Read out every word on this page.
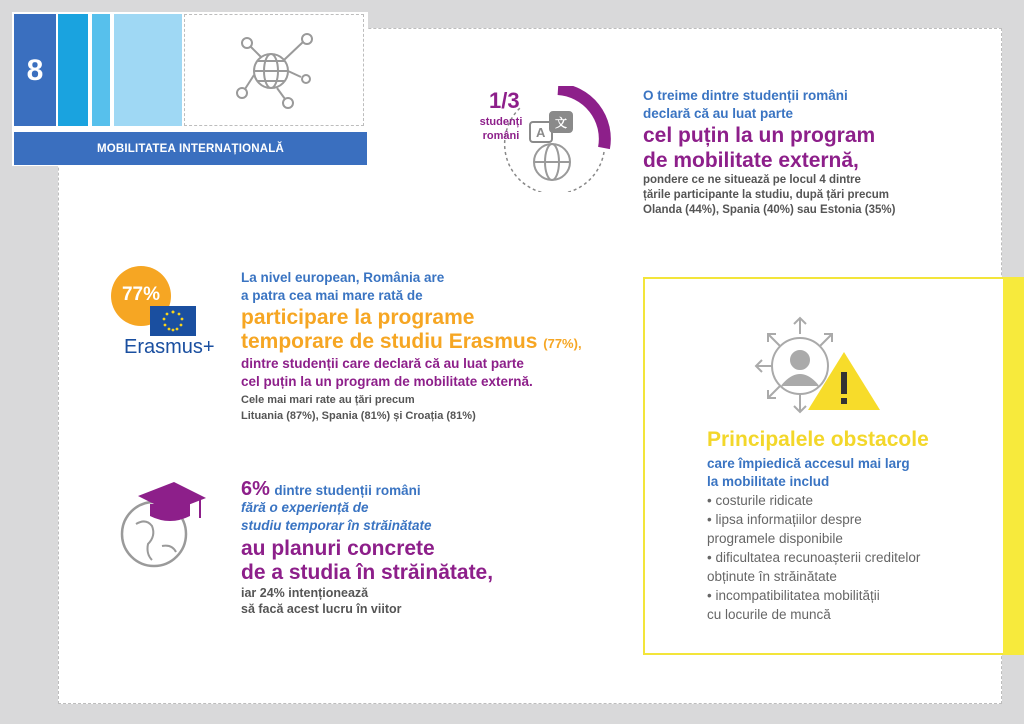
8
MOBILITATEA INTERNAȚIONALĂ
A
文
1/3
studenți
români
O treime dintre studenții români
declară că au luat parte
cel puțin la un program
de mobilitate externă,
pondere ce ne situează pe locul 4 dintre
țările participante la studiu, după țări precum
Olanda (44%), Spania (40%) sau Estonia (35%)
77%
Erasmus+
La nivel european, România are
a patra cea mai mare rată de
participare la programe
temporare de studiu Erasmus (77%),
dintre studenții care declară că au luat parte
cel puțin la un program de mobilitate externă.
Cele mai mari rate au țări precum
Lituania (87%), Spania (81%) și Croația (81%)
6% dintre studenții români
fără o experiență de
studiu temporar în străinătate
au planuri concrete
de a studia în străinătate,
iar 24% intenționează
să facă acest lucru în viitor
Principalele obstacole
care împiedică accesul mai larg
la mobilitate includ
• costurile ridicate
• lipsa informațiilor despre
programele disponibile
• dificultatea recunoașterii creditelor
obținute în străinătate
• incompatibilitatea mobilității
cu locurile de muncă
